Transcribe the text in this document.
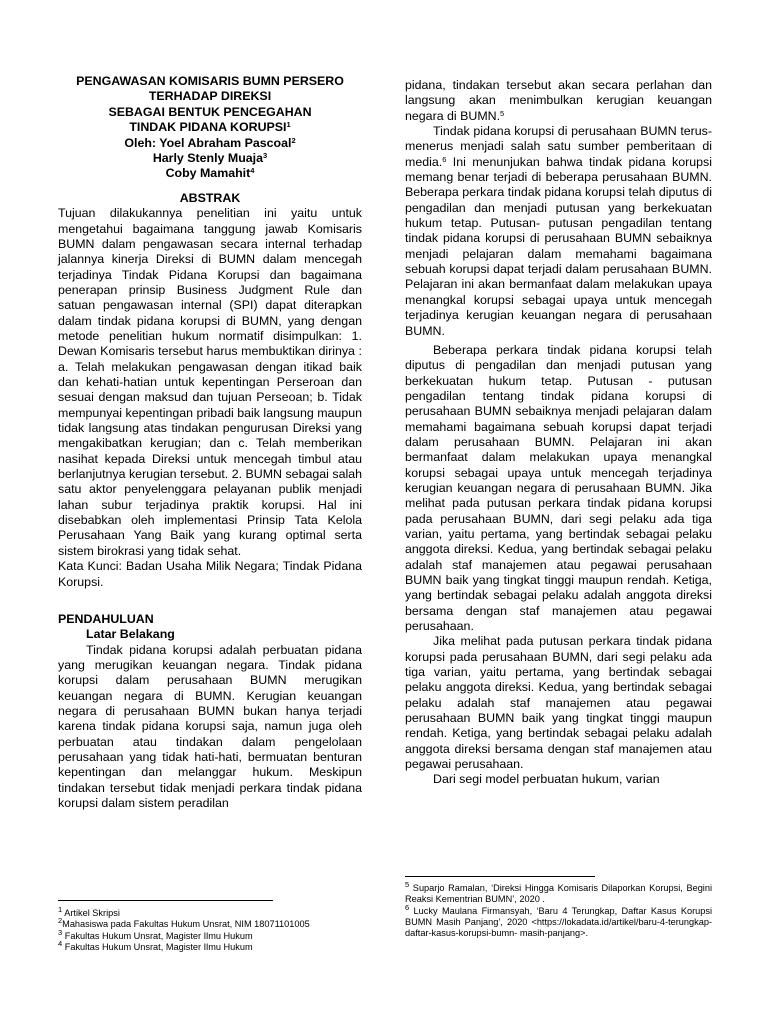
PENGAWASAN KOMISARIS BUMN PERSERO

TERHADAP DIREKSI

SEBAGAI BENTUK PENCEGAHAN

TINDAK PIDANA KORUPSI$^1$

Oleh: Yoel Abraham Pascoal$^2$

Harly Stenly Muaja$^3$

Coby Mamahit$^4$

ABSTRAK

Tujuan dilakukannya penelitian ini yaitu untuk mengetahui bagaimana tanggung jawab Komisaris BUMN dalam pengawasan secara internal terhadap jalannya kinerja Direksi di BUMN dalam mencegah terjadinya Tindak Pidana Korupsi dan bagaimana penerapan prinsip Business Judgment Rule dan satuan pengawasan internal (SPI) dapat diterapkan dalam tindak pidana korupsi di BUMN, yang dengan metode penelitian hukum normatif disimpulkan: 1. Dewan Komisaris tersebut harus membuktikan dirinya : a. Telah melakukan pengawasan dengan itikad baik dan kehati-hatian untuk kepentingan Perseroan dan sesuai dengan maksud dan tujuan Perseoan; b. Tidak mempunyai kepentingan pribadi baik langsung maupun tidak langsung atas tindakan pengurusan Direksi yang mengakibatkan kerugian; dan c. Telah memberikan nasihat kepada Direksi untuk mencegah timbul atau berlanjutnya kerugian tersebut. 2. BUMN sebagai salah satu aktor penyelenggara pelayanan publik menjadi lahan subur terjadinya praktik korupsi. Hal ini disebabkan oleh implementasi Prinsip Tata Kelola Perusahaan Yang Baik yang kurang optimal serta sistem birokrasi yang tidak sehat.

Kata Kunci: Badan Usaha Milik Negara; Tindak Pidana Korupsi.

PENDAHULUAN

Latar Belakang

Tindak pidana korupsi adalah perbuatan pidana yang merugikan keuangan negara. Tindak pidana korupsi dalam perusahaan BUMN merugikan keuangan negara di BUMN. Kerugian keuangan negara di perusahaan BUMN bukan hanya terjadi karena tindak pidana korupsi saja, namun juga oleh perbuatan atau tindakan dalam pengelolaan perusahaan yang tidak hati-hati, bermuatan benturan kepentingan dan melanggar hukum. Meskipun tindakan tersebut tidak menjadi perkara tindak pidana korupsi dalam sistem peradilan

pidana, tindakan tersebut akan secara perlahan dan langsung akan menimbulkan kerugian keuangan negara di BUMN.$^5$

Tindak pidana korupsi di perusahaan BUMN terus-menerus menjadi salah satu sumber pemberitaan di media.$^6$ Ini menunjukan bahwa tindak pidana korupsi memang benar terjadi di beberapa perusahaan BUMN. Beberapa perkara tindak pidana korupsi telah diputus di pengadilan dan menjadi putusan yang berkekuatan hukum tetap. Putusan- putusan pengadilan tentang tindak pidana korupsi di perusahaan BUMN sebaiknya menjadi pelajaran dalam memahami bagaimana sebuah korupsi dapat terjadi dalam perusahaan BUMN. Pelajaran ini akan bermanfaat dalam melakukan upaya menangkal korupsi sebagai upaya untuk mencegah terjadinya kerugian keuangan negara di perusahaan BUMN.

Beberapa perkara tindak pidana korupsi telah diputus di pengadilan dan menjadi putusan yang berkekuatan hukum tetap. Putusan - putusan pengadilan tentang tindak pidana korupsi di perusahaan BUMN sebaiknya menjadi pelajaran dalam memahami bagaimana sebuah korupsi dapat terjadi dalam perusahaan BUMN. Pelajaran ini akan bermanfaat dalam melakukan upaya menangkal korupsi sebagai upaya untuk mencegah terjadinya kerugian keuangan negara di perusahaan BUMN. Jika melihat pada putusan perkara tindak pidana korupsi pada perusahaan BUMN, dari segi pelaku ada tiga varian, yaitu pertama, yang bertindak sebagai pelaku anggota direksi. Kedua, yang bertindak sebagai pelaku adalah staf manajemen atau pegawai perusahaan BUMN baik yang tingkat tinggi maupun rendah. Ketiga, yang bertindak sebagai pelaku adalah anggota direksi bersama dengan staf manajemen atau pegawai perusahaan.

Jika melihat pada putusan perkara tindak pidana korupsi pada perusahaan BUMN, dari segi pelaku ada tiga varian, yaitu pertama, yang bertindak sebagai pelaku anggota direksi. Kedua, yang bertindak sebagai pelaku adalah staf manajemen atau pegawai perusahaan BUMN baik yang tingkat tinggi maupun rendah. Ketiga, yang bertindak sebagai pelaku adalah anggota direksi bersama dengan staf manajemen atau pegawai perusahaan.

Dari segi model perbuatan hukum, varian

$^1$ Artikel Skripsi
$^2$Mahasiswa pada Fakultas Hukum Unsrat, NIM 18071101005
$^3$ Fakultas Hukum Unsrat, Magister Ilmu Hukum
$^4$ Fakultas Hukum Unsrat, Magister Ilmu Hukum
$^5$ Suparjo Ramalan, ‘Direksi Hingga Komisaris Dilaporkan Korupsi, Begini Reaksi Kementrian BUMN’, 2020 .
$^6$ Lucky Maulana Firmansyah, ‘Baru 4 Terungkap, Daftar Kasus Korupsi BUMN Masih Panjang’, 2020 <https://lokadata.id/artikel/baru-4-terungkap-daftar-kasus-korupsi-bumn- masih-panjang>.
